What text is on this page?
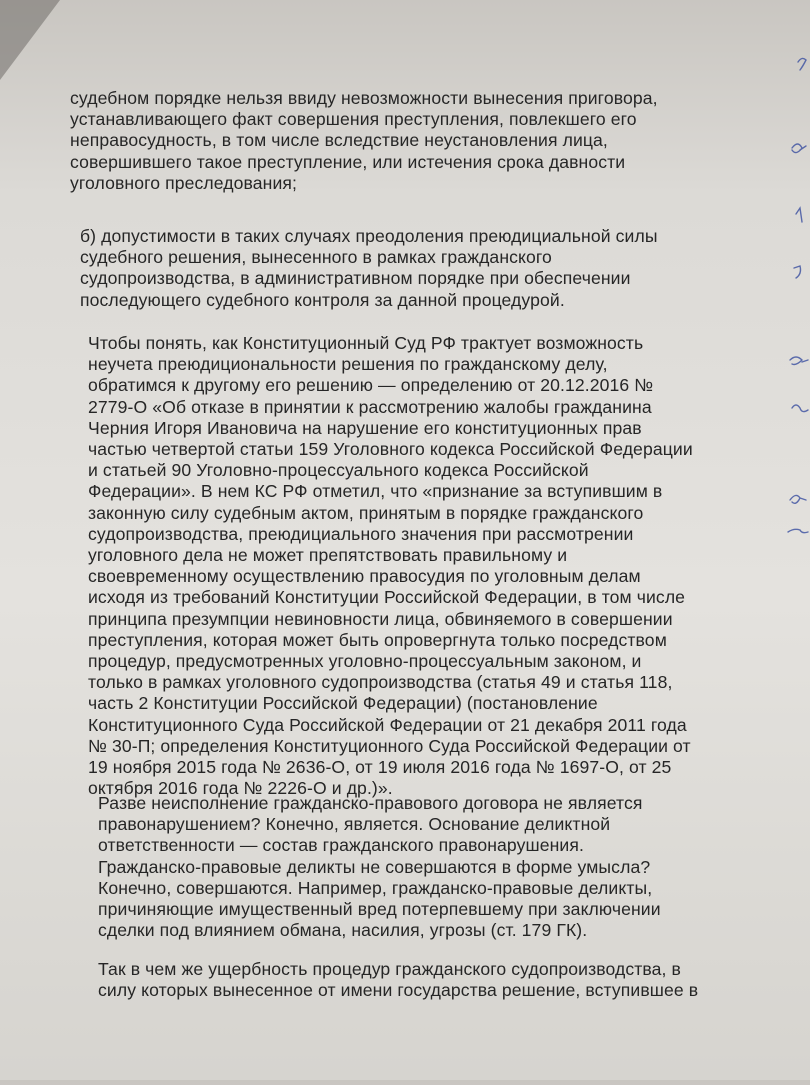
судебном порядке нельзя ввиду невозможности вынесения приговора,
устанавливающего факт совершения преступления, повлекшего его
неправосудность, в том числе вследствие неустановления лица,
совершившего такое преступление, или истечения срока давности
уголовного преследования;

б) допустимости в таких случаях преодоления преюдициальной силы
судебного решения, вынесенного в рамках гражданского
судопроизводства, в административном порядке при обеспечении
последующего судебного контроля за данной процедурой.

Чтобы понять, как Конституционный Суд РФ трактует возможность
неучета преюдициональности решения по гражданскому делу,
обратимся к другому его решению — определению от 20.12.2016 №
2779-О «Об отказе в принятии к рассмотрению жалобы гражданина
Черния Игоря Ивановича на нарушение его конституционных прав
частью четвертой статьи 159 Уголовного кодекса Российской Федерации
и статьей 90 Уголовно-процессуального кодекса Российской
Федерации». В нем КС РФ отметил, что «признание за вступившим в
законную силу судебным актом, принятым в порядке гражданского
судопроизводства, преюдициального значения при рассмотрении
уголовного дела не может препятствовать правильному и
своевременному осуществлению правосудия по уголовным делам
исходя из требований Конституции Российской Федерации, в том числе
принципа презумпции невиновности лица, обвиняемого в совершении
преступления, которая может быть опровергнута только посредством
процедур, предусмотренных уголовно-процессуальным законом, и
только в рамках уголовного судопроизводства (статья 49 и статья 118,
часть 2 Конституции Российской Федерации) (постановление
Конституционного Суда Российской Федерации от 21 декабря 2011 года
№ 30-П; определения Конституционного Суда Российской Федерации от
19 ноября 2015 года № 2636-О, от 19 июля 2016 года № 1697-О, от 25
октября 2016 года № 2226-О и др.)».

Разве неисполнение гражданско-правового договора не является
правонарушением? Конечно, является. Основание деликтной
ответственности — состав гражданского правонарушения.
Гражданско-правовые деликты не совершаются в форме умысла?
Конечно, совершаются. Например, гражданско-правовые деликты,
причиняющие имущественный вред потерпевшему при заключении
сделки под влиянием обмана, насилия, угрозы (ст. 179 ГК).

Так в чем же ущербность процедур гражданского судопроизводства, в
силу которых вынесенное от имени государства решение, вступившее в
